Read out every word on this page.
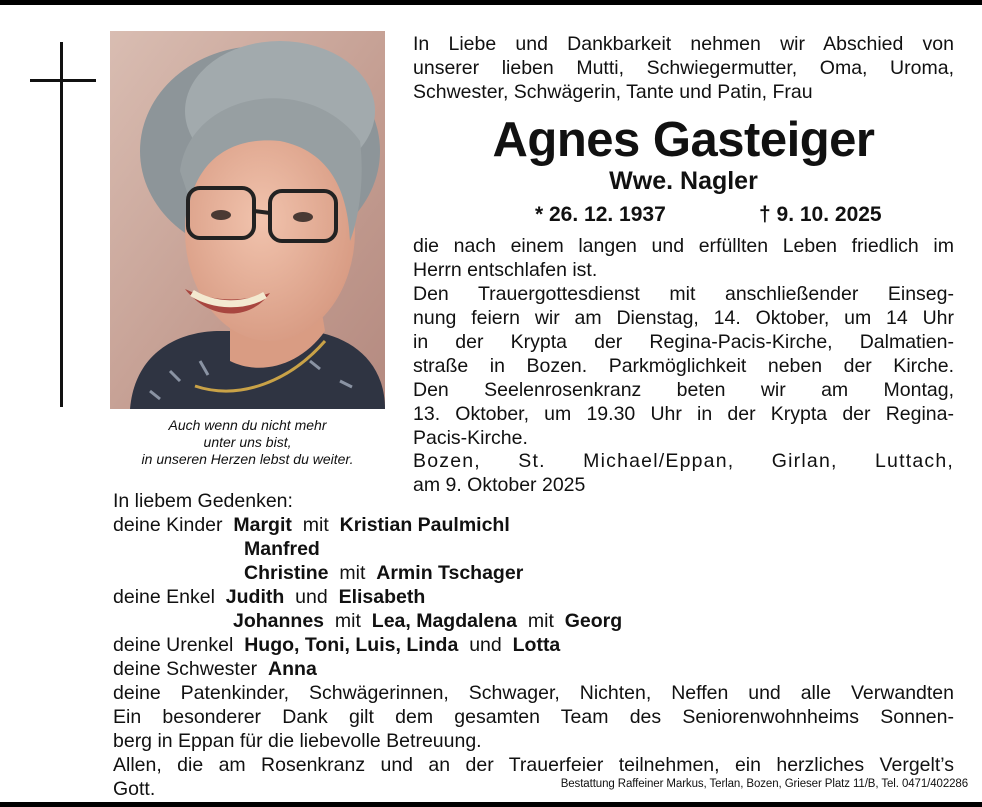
Auch wenn du nicht mehr
unter uns bist,
in unseren Herzen lebst du weiter.
In Liebe und Dankbarkeit nehmen wir Abschied von
unserer lieben Mutti, Schwiegermutter, Oma, Uroma,
Schwester, Schwägerin, Tante und Patin, Frau
Agnes Gasteiger
Wwe. Nagler
* 26. 12. 1937	† 9. 10. 2025
die nach einem langen und erfüllten Leben friedlich im
Herrn entschlafen ist.
Den Trauergottesdienst mit anschließender Einseg-
nung feiern wir am Dienstag, 14. Oktober, um 14 Uhr
in der Krypta der Regina-Pacis-Kirche, Dalmatien-
straße in Bozen. Parkmöglichkeit neben der Kirche.
Den Seelenrosenkranz beten wir am Montag,
13. Oktober, um 19.30 Uhr in der Krypta der Regina-
Pacis-Kirche.
Bozen, St. Michael/Eppan, Girlan, Luttach,
am 9. Oktober 2025
In liebem Gedenken:
deine Kinder Margit mit Kristian Paulmichl
Manfred
Christine mit Armin Tschager
deine Enkel Judith und Elisabeth
Johannes mit Lea, Magdalena mit Georg
deine Urenkel Hugo, Toni, Luis, Linda und Lotta
deine Schwester Anna
deine Patenkinder, Schwägerinnen, Schwager, Nichten, Neffen und alle Verwandten
Ein besonderer Dank gilt dem gesamten Team des Seniorenwohnheims Sonnen-
berg in Eppan für die liebevolle Betreuung.
Allen, die am Rosenkranz und an der Trauerfeier teilnehmen, ein herzliches Vergelt’s
Gott.	Bestattung Raffeiner Markus, Terlan, Bozen, Grieser Platz 11/B, Tel. 0471/402286
